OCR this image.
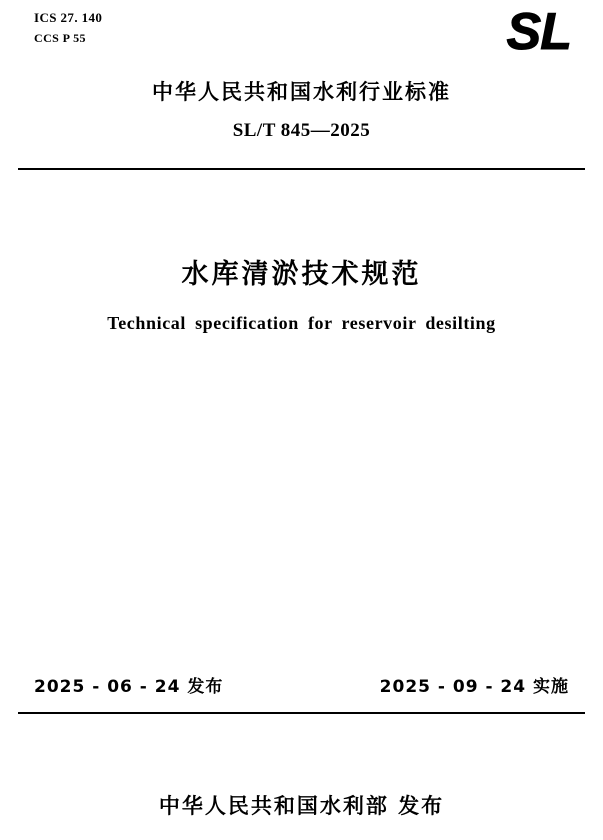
ICS 27. 140
CCS P 55	SL
中华人民共和国水利行业标准
SL/T 845—2025
水库清淤技术规范
Technical specification for reservoir desilting
2025 - 06 - 24 发布	2025 - 09 - 24 实施
中华人民共和国水利部 发布
